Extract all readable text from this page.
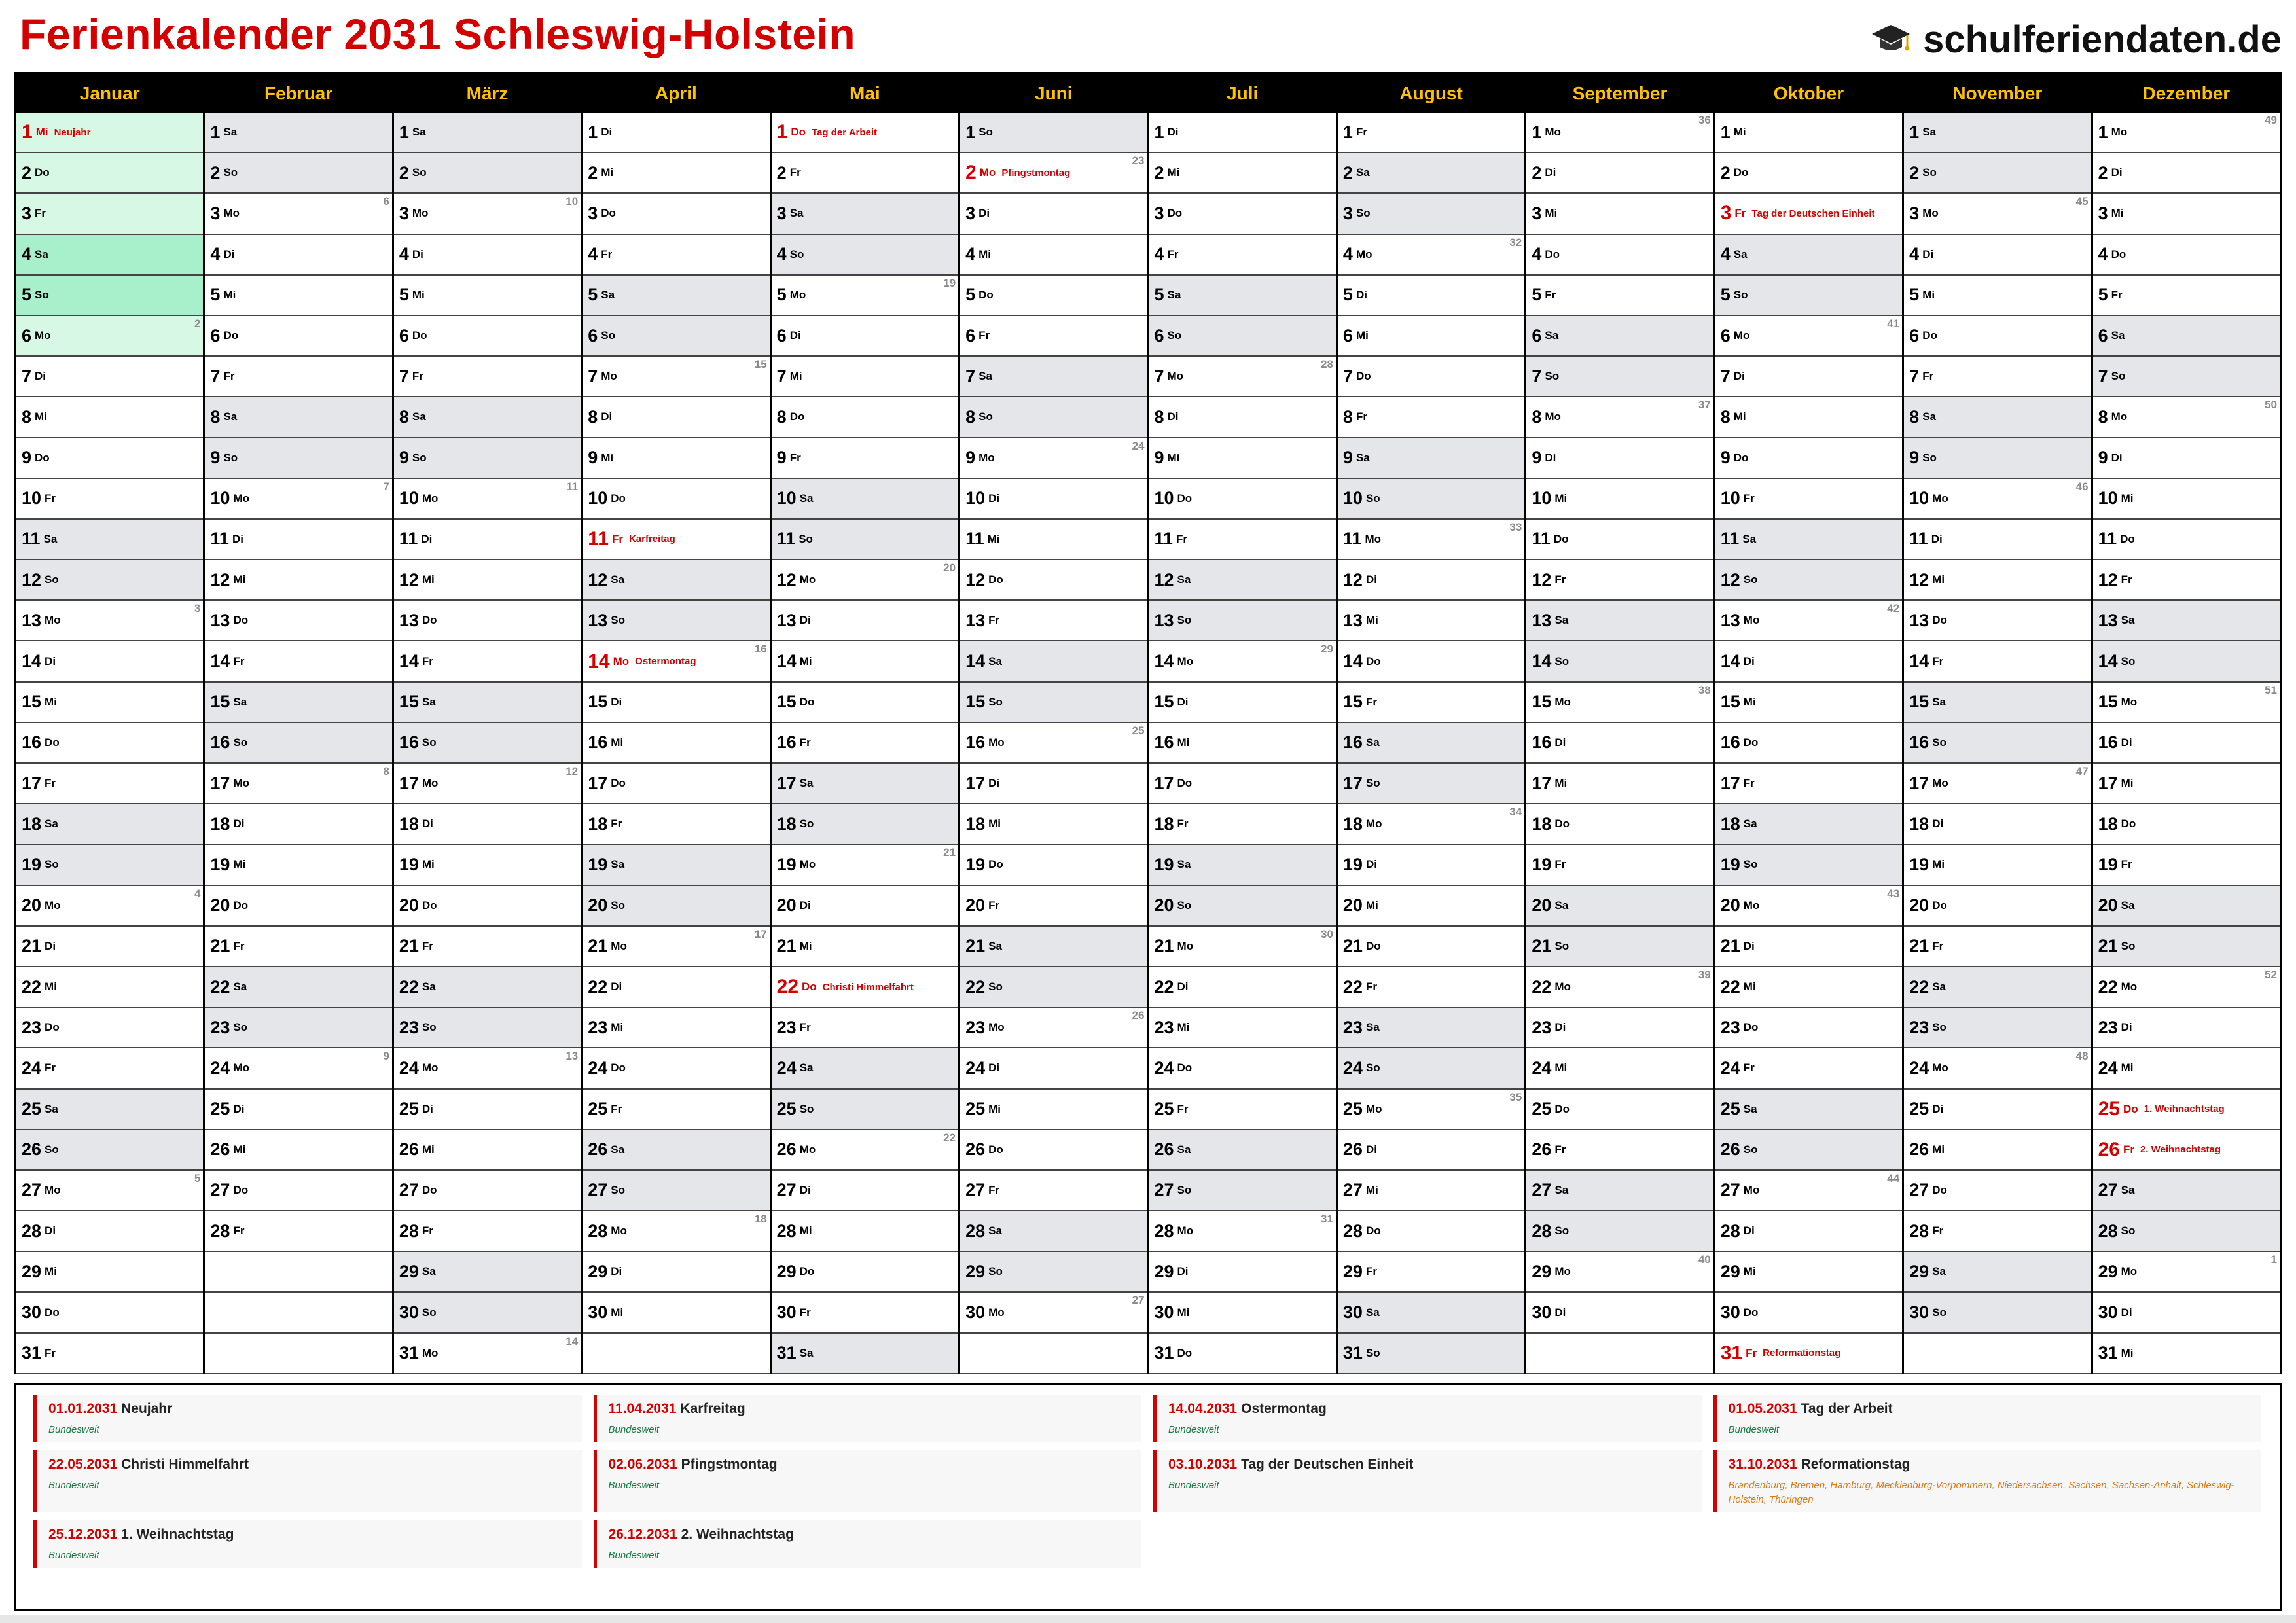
Ferienkalender 2031 Schleswig-Holstein	schulferiendaten.de
Januar
1 Mi Neujahr
2 Do
3 Fr
4 Sa
5 So
6 Mo
2
7 Di
8 Mi
9 Do
10 Fr
11 Sa
12 So
13 Mo
3
14 Di
15 Mi
16 Do
17 Fr
18 Sa
19 So
20 Mo
4
21 Di
22 Mi
23 Do
24 Fr
25 Sa
26 So
27 Mo
5
28 Di
29 Mi
30 Do
31 Fr
Februar
1 Sa
2 So
3 Mo
6
4 Di
5 Mi
6 Do
7 Fr
8 Sa
9 So
10 Mo
7
11 Di
12 Mi
13 Do
14 Fr
15 Sa
16 So
17 Mo
8
18 Di
19 Mi
20 Do
21 Fr
22 Sa
23 So
24 Mo
9
25 Di
26 Mi
27 Do
28 Fr
März
1 Sa
2 So
3 Mo
10
4 Di
5 Mi
6 Do
7 Fr
8 Sa
9 So
10 Mo
11
11 Di
12 Mi
13 Do
14 Fr
15 Sa
16 So
17 Mo
12
18 Di
19 Mi
20 Do
21 Fr
22 Sa
23 So
24 Mo
13
25 Di
26 Mi
27 Do
28 Fr
29 Sa
30 So
31 Mo
14
April
1 Di
2 Mi
3 Do
4 Fr
5 Sa
6 So
7 Mo
15
8 Di
9 Mi
10 Do
11 Fr Karfreitag
12 Sa
13 So
14 Mo Ostermontag
16
15 Di
16 Mi
17 Do
18 Fr
19 Sa
20 So
21 Mo
17
22 Di
23 Mi
24 Do
25 Fr
26 Sa
27 So
28 Mo
18
29 Di
30 Mi
Mai
1 Do Tag der Arbeit
2 Fr
3 Sa
4 So
5 Mo
19
6 Di
7 Mi
8 Do
9 Fr
10 Sa
11 So
12 Mo
20
13 Di
14 Mi
15 Do
16 Fr
17 Sa
18 So
19 Mo
21
20 Di
21 Mi
22 Do Christi Himmelfahrt
23 Fr
24 Sa
25 So
26 Mo
22
27 Di
28 Mi
29 Do
30 Fr
31 Sa
Juni
1 So
2 Mo Pfingstmontag
23
3 Di
4 Mi
5 Do
6 Fr
7 Sa
8 So
9 Mo
24
10 Di
11 Mi
12 Do
13 Fr
14 Sa
15 So
16 Mo
25
17 Di
18 Mi
19 Do
20 Fr
21 Sa
22 So
23 Mo
26
24 Di
25 Mi
26 Do
27 Fr
28 Sa
29 So
30 Mo
27
Juli
1 Di
2 Mi
3 Do
4 Fr
5 Sa
6 So
7 Mo
28
8 Di
9 Mi
10 Do
11 Fr
12 Sa
13 So
14 Mo
29
15 Di
16 Mi
17 Do
18 Fr
19 Sa
20 So
21 Mo
30
22 Di
23 Mi
24 Do
25 Fr
26 Sa
27 So
28 Mo
31
29 Di
30 Mi
31 Do
August
1 Fr
2 Sa
3 So
4 Mo
32
5 Di
6 Mi
7 Do
8 Fr
9 Sa
10 So
11 Mo
33
12 Di
13 Mi
14 Do
15 Fr
16 Sa
17 So
18 Mo
34
19 Di
20 Mi
21 Do
22 Fr
23 Sa
24 So
25 Mo
35
26 Di
27 Mi
28 Do
29 Fr
30 Sa
31 So
September
1 Mo
36
2 Di
3 Mi
4 Do
5 Fr
6 Sa
7 So
8 Mo
37
9 Di
10 Mi
11 Do
12 Fr
13 Sa
14 So
15 Mo
38
16 Di
17 Mi
18 Do
19 Fr
20 Sa
21 So
22 Mo
39
23 Di
24 Mi
25 Do
26 Fr
27 Sa
28 So
29 Mo
40
30 Di
Oktober
1 Mi
2 Do
3 Fr Tag der Deutschen Einheit
4 Sa
5 So
6 Mo
41
7 Di
8 Mi
9 Do
10 Fr
11 Sa
12 So
13 Mo
42
14 Di
15 Mi
16 Do
17 Fr
18 Sa
19 So
20 Mo
43
21 Di
22 Mi
23 Do
24 Fr
25 Sa
26 So
27 Mo
44
28 Di
29 Mi
30 Do
31 Fr Reformationstag
November
1 Sa
2 So
3 Mo
45
4 Di
5 Mi
6 Do
7 Fr
8 Sa
9 So
10 Mo
46
11 Di
12 Mi
13 Do
14 Fr
15 Sa
16 So
17 Mo
47
18 Di
19 Mi
20 Do
21 Fr
22 Sa
23 So
24 Mo
48
25 Di
26 Mi
27 Do
28 Fr
29 Sa
30 So
Dezember
1 Mo
49
2 Di
3 Mi
4 Do
5 Fr
6 Sa
7 So
8 Mo
50
9 Di
10 Mi
11 Do
12 Fr
13 Sa
14 So
15 Mo
51
16 Di
17 Mi
18 Do
19 Fr
20 Sa
21 So
22 Mo
52
23 Di
24 Mi
25 Do 1. Weihnachtstag
26 Fr 2. Weihnachtstag
27 Sa
28 So
29 Mo
1
30 Di
31 Mi
01.01.2031 Neujahr
Bundesweit
11.04.2031 Karfreitag
Bundesweit
14.04.2031 Ostermontag
Bundesweit
01.05.2031 Tag der Arbeit
Bundesweit
22.05.2031 Christi Himmelfahrt
Bundesweit
02.06.2031 Pfingstmontag
Bundesweit
03.10.2031 Tag der Deutschen Einheit
Bundesweit
31.10.2031 Reformationstag
Brandenburg, Bremen, Hamburg, Mecklenburg-Vorpommern, Niedersachsen, Sachsen, Sachsen-Anhalt, Schleswig-Holstein, Thüringen
25.12.2031 1. Weihnachtstag
Bundesweit
26.12.2031 2. Weihnachtstag
Bundesweit
